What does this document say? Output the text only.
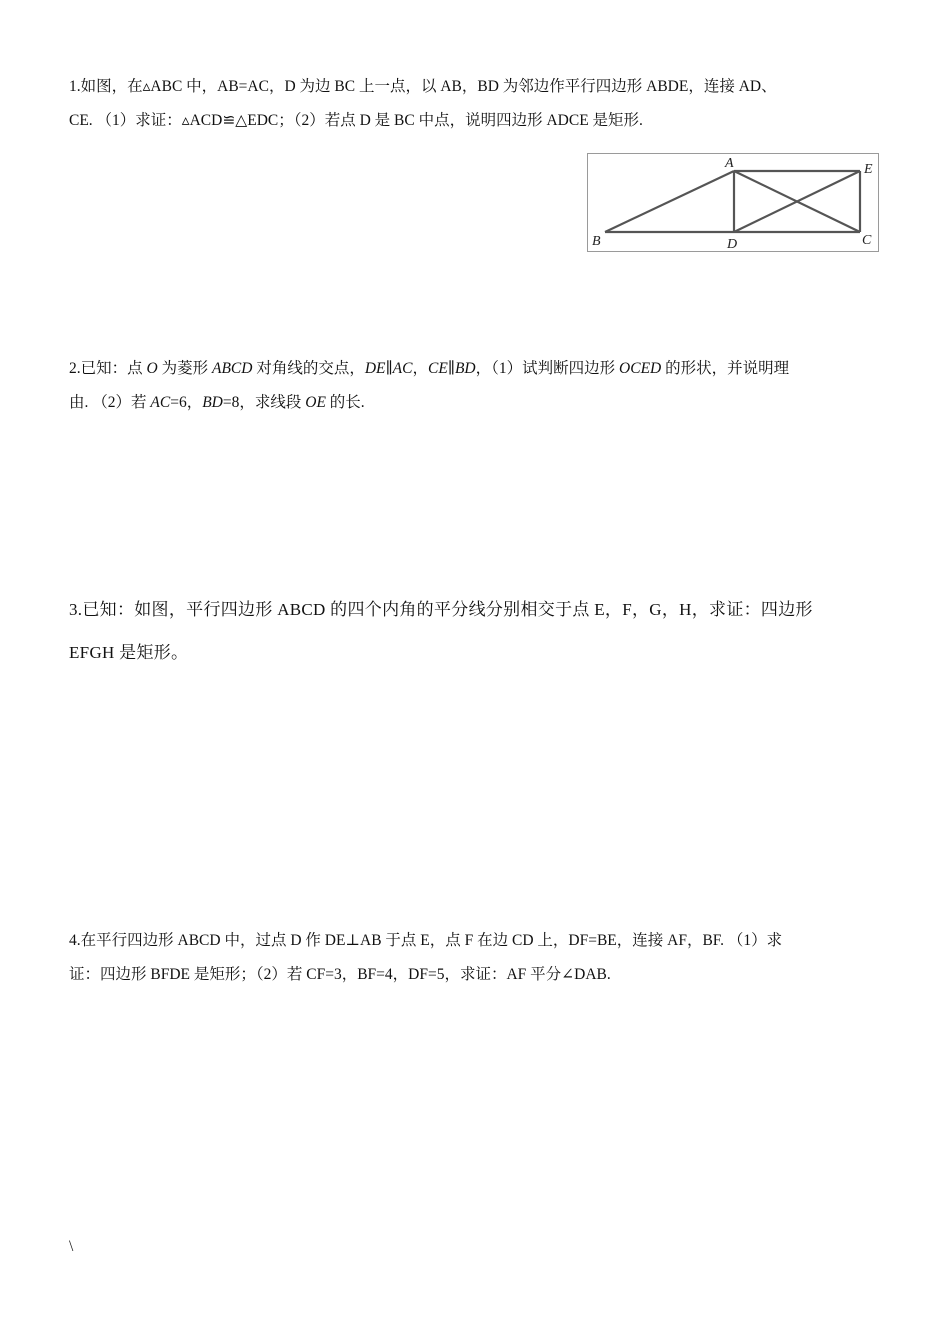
1.如图，在▵ABC 中，AB=AC，D 为边 BC 上一点，以 AB，BD 为邻边作平行四边形 ABDE，连接 AD、

CE. （1）求证：▵ACD≌△EDC；（2）若点 D 是 BC 中点，说明四边形 ADCE 是矩形.

A
B	D
E
C

2.已知：点 O 为菱形 ABCD 对角线的交点，DE∥AC，CE∥BD，（1）试判断四边形 OCED 的形状，并说明理

由. （2）若 AC=6，BD=8，求线段 OE 的长.

3.已知：如图，平行四边形 ABCD 的四个内角的平分线分别相交于点 E，F，G，H，求证：四边形

EFGH 是矩形。

4.在平行四边形 ABCD 中，过点 D 作 DE⊥AB 于点 E，点 F 在边 CD 上，DF=BE，连接 AF，BF. （1）求

证：四边形 BFDE 是矩形；（2）若 CF=3，BF=4，DF=5，求证：AF 平分∠DAB.

\
